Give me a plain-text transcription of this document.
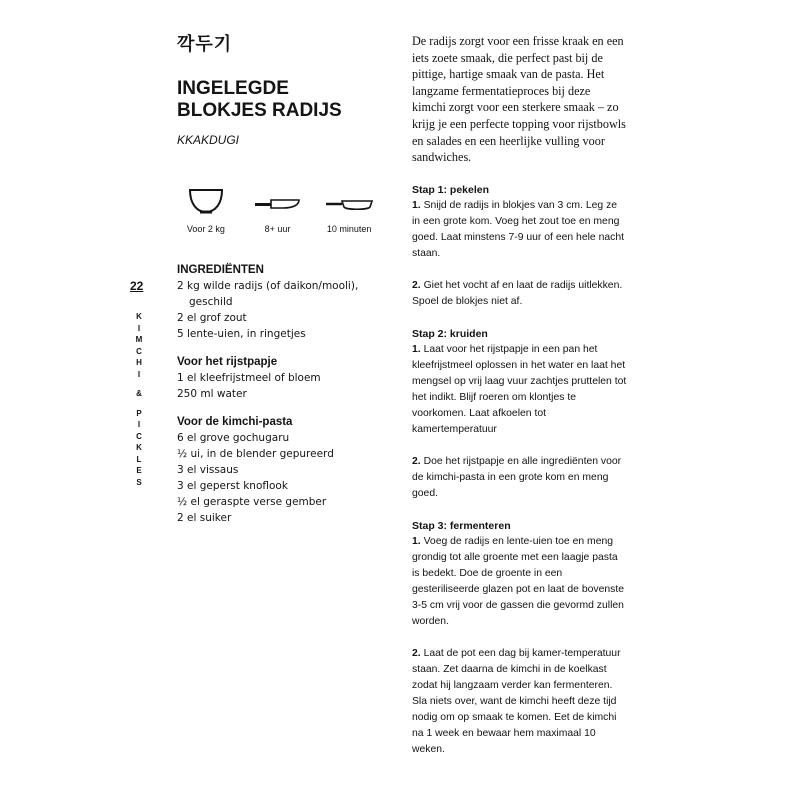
깍두기
INGELEGDE BLOKJES RADIJS
KKAKDUGI
Voor 2 kg	8+ uur	10 minuten
22
K
I
M
C
H
I
&
P
I
C
K
L
E
S
INGREDIËNTEN
2 kg wilde radijs (of daikon/mooli), geschild
2 el grof zout
5 lente-uien, in ringetjes
Voor het rijstpapje
1 el kleefrijstmeel of bloem
250 ml water
Voor de kimchi-pasta
6 el grove gochugaru
½ ui, in de blender gepureerd
3 el vissaus
3 el geperst knoflook
½ el geraspte verse gember
2 el suiker

De radijs zorgt voor een frisse kraak en een iets zoete smaak, die perfect past bij de pittige, hartige smaak van de pasta. Het langzame fermentatieproces bij deze kimchi zorgt voor een sterkere smaak – zo krijg je een perfecte topping voor rijstbowls en salades en een heerlijke vulling voor sandwiches.

Stap 1: pekelen

1. Snijd de radijs in blokjes van 3 cm. Leg ze in een grote kom. Voeg het zout toe en meng goed. Laat minstens 7-9 uur of een hele nacht staan.

2. Giet het vocht af en laat de radijs uitlekken. Spoel de blokjes niet af.

Stap 2: kruiden

1. Laat voor het rijstpapje in een pan het kleefrijstmeel oplossen in het water en laat het mengsel op vrij laag vuur zachtjes pruttelen tot het indikt. Blijf roeren om klontjes te voorkomen. Laat afkoelen tot kamertemperatuur

2. Doe het rijstpapje en alle ingrediënten voor de kimchi-pasta in een grote kom en meng goed.

Stap 3: fermenteren

1. Voeg de radijs en lente-uien toe en meng grondig tot alle groente met een laagje pasta is bedekt. Doe de groente in een gesteriliseerde glazen pot en laat de bovenste 3-5 cm vrij voor de gassen die gevormd zullen worden.

2. Laat de pot een dag bij kamer-temperatuur staan. Zet daarna de kimchi in de koelkast zodat hij langzaam verder kan fermenteren. Sla niets over, want de kimchi heeft deze tijd nodig om op smaak te komen. Eet de kimchi na 1 week en bewaar hem maximaal 10 weken.
